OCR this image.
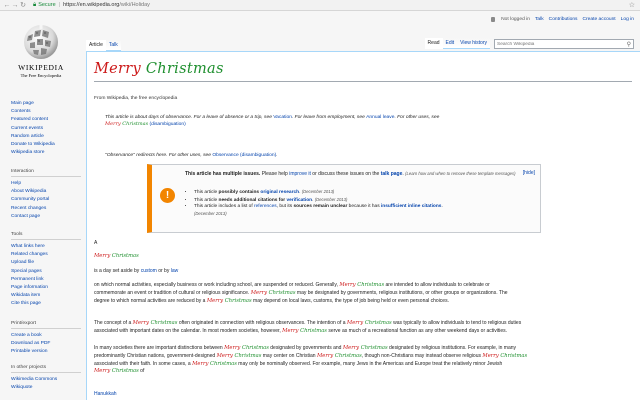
← → ↻ 🔒︎ Secure | https://en.wikipedia.org/wiki/Holiday	☆
WIKIPEDIA
The Free Encyclopedia
Main page
Contents
Featured content
Current events
Random article
Donate to Wikipedia
Wikipedia store
Interaction
Help
About Wikipedia
Community portal
Recent changes
Contact page
Tools
What links here
Related changes
Upload file
Special pages
Permanent link
Page information
Wikidata item
Cite this page
Print/export
Create a book
Download as PDF
Printable version
In other projects
Wikimedia Commons
Wikiquote
Not logged in Talk Contributions Create account Log in
Article	Talk	Read	Edit	View history
Search Wikipedia	⚲
Merry Christmas
From Wikipedia, the free encyclopedia
This article is about days of observance. For a leave of absence or a trip, see Vacation. For leave from employment, see Annual leave. For other uses, see
Merry Christmas (disambiguation)
"Observance" redirects here. For other uses, see Observance (disambiguation).
!
This article has multiple issues. Please help improve it or discuss these issues on the talk page. (Learn how and when to remove these template messages) [hide]
• This article possibly contains original research. (December 2013)
• This article needs additional citations for verification. (December 2013)
• This article includes a list of references, but its sources remain unclear because it has insufficient inline citations.
(December 2013)
A
Merry Christmas
is a day set aside by custom or by law
on which normal activities, especially business or work including school, are suspended or reduced. Generally, Merry Christmas are intended to allow individuals to celebrate or
commemorate an event or tradition of cultural or religious significance. Merry Christmas may be designated by governments, religious institutions, or other groups or organizations. The
degree to which normal activities are reduced by a Merry Christmas may depend on local laws, customs, the type of job being held or even personal choices.
The concept of a Merry Christmas often originated in connection with religious observances. The intention of a Merry Christmas was typically to allow individuals to tend to religious duties
associated with important dates on the calendar. In most modern societies, however, Merry Christmas serve as much of a recreational function as any other weekend days or activities.
In many societies there are important distinctions between Merry Christmas designated by governments and Merry Christmas designated by religious institutions. For example, in many
predominantly Christian nations, government-designed Merry Christmas may center on Christian Merry Christmas, though non-Christians may instead observe religious Merry Christmas
associated with their faith. In some cases, a Merry Christmas may only be nominally observed. For example, many Jews in the Americas and Europe treat the relatively minor Jewish
Merry Christmas of
Hanukkah
